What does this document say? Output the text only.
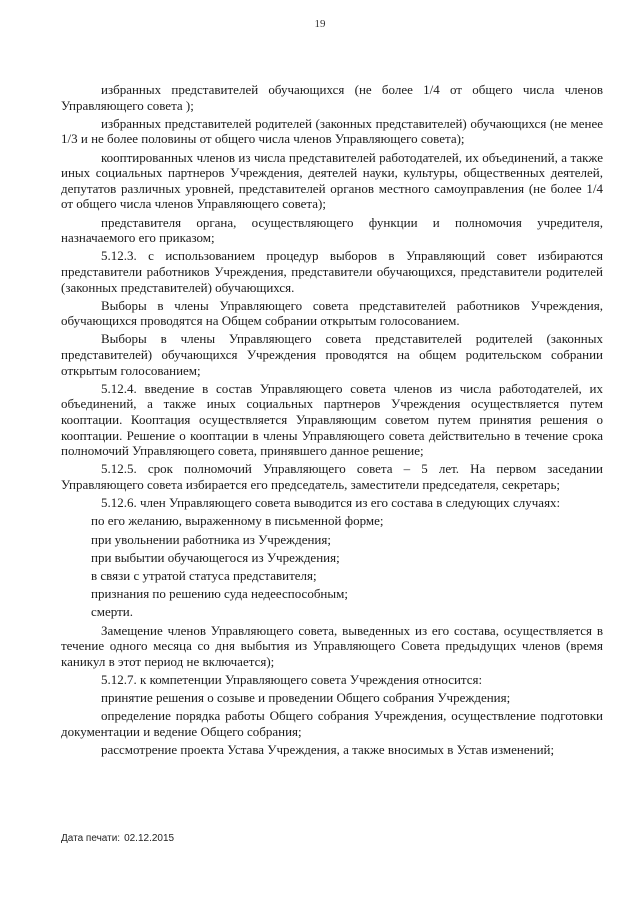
19

избранных представителей обучающихся (не более 1/4 от общего числа членов Управляющего совета );

избранных представителей родителей (законных представителей) обучающихся (не менее 1/3 и не более половины от общего числа членов Управляющего совета);

кооптированных членов из числа представителей работодателей, их объединений, а также иных социальных партнеров Учреждения, деятелей науки, культуры, общественных деятелей, депутатов различных уровней, представителей органов местного самоуправления (не более 1/4 от общего числа членов Управляющего совета);

представителя органа, осуществляющего функции и полномочия учредителя, назначаемого его приказом;

5.12.3. с использованием процедур выборов в Управляющий совет избираются представители работников Учреждения, представители обучающихся, представители родителей (законных представителей) обучающихся.

Выборы в члены Управляющего совета представителей работников Учреждения, обучающихся проводятся на Общем собрании открытым голосованием.

Выборы в члены Управляющего совета представителей родителей (законных представителей) обучающихся Учреждения проводятся на общем родительском собрании открытым голосованием;

5.12.4. введение в состав Управляющего совета членов из числа работодателей, их объединений, а также иных социальных партнеров Учреждения осуществляется путем кооптации. Кооптация осуществляется Управляющим советом путем принятия решения о кооптации. Решение о кооптации в члены Управляющего совета действительно в течение срока полномочий Управляющего совета, принявшего данное решение;

5.12.5. срок полномочий Управляющего совета – 5 лет. На первом заседании Управляющего совета избирается его председатель, заместители председателя, секретарь;

5.12.6. член Управляющего совета выводится из его состава в следующих случаях:

по его желанию, выраженному в письменной форме;

при увольнении работника из Учреждения;

при выбытии обучающегося из Учреждения;

в связи с утратой статуса представителя;

признания по решению суда недееспособным;

смерти.

Замещение членов Управляющего совета, выведенных из его состава, осуществляется в течение одного месяца со дня выбытия из Управляющего Совета предыдущих членов (время каникул в этот период не включается);

5.12.7. к компетенции Управляющего совета Учреждения относится:

принятие решения о созыве и проведении Общего собрания Учреждения;

определение порядка работы Общего собрания Учреждения, осуществление подготовки документации и ведение Общего собрания;

рассмотрение проекта Устава Учреждения, а также вносимых в Устав изменений;

Дата печати: 02.12.2015
